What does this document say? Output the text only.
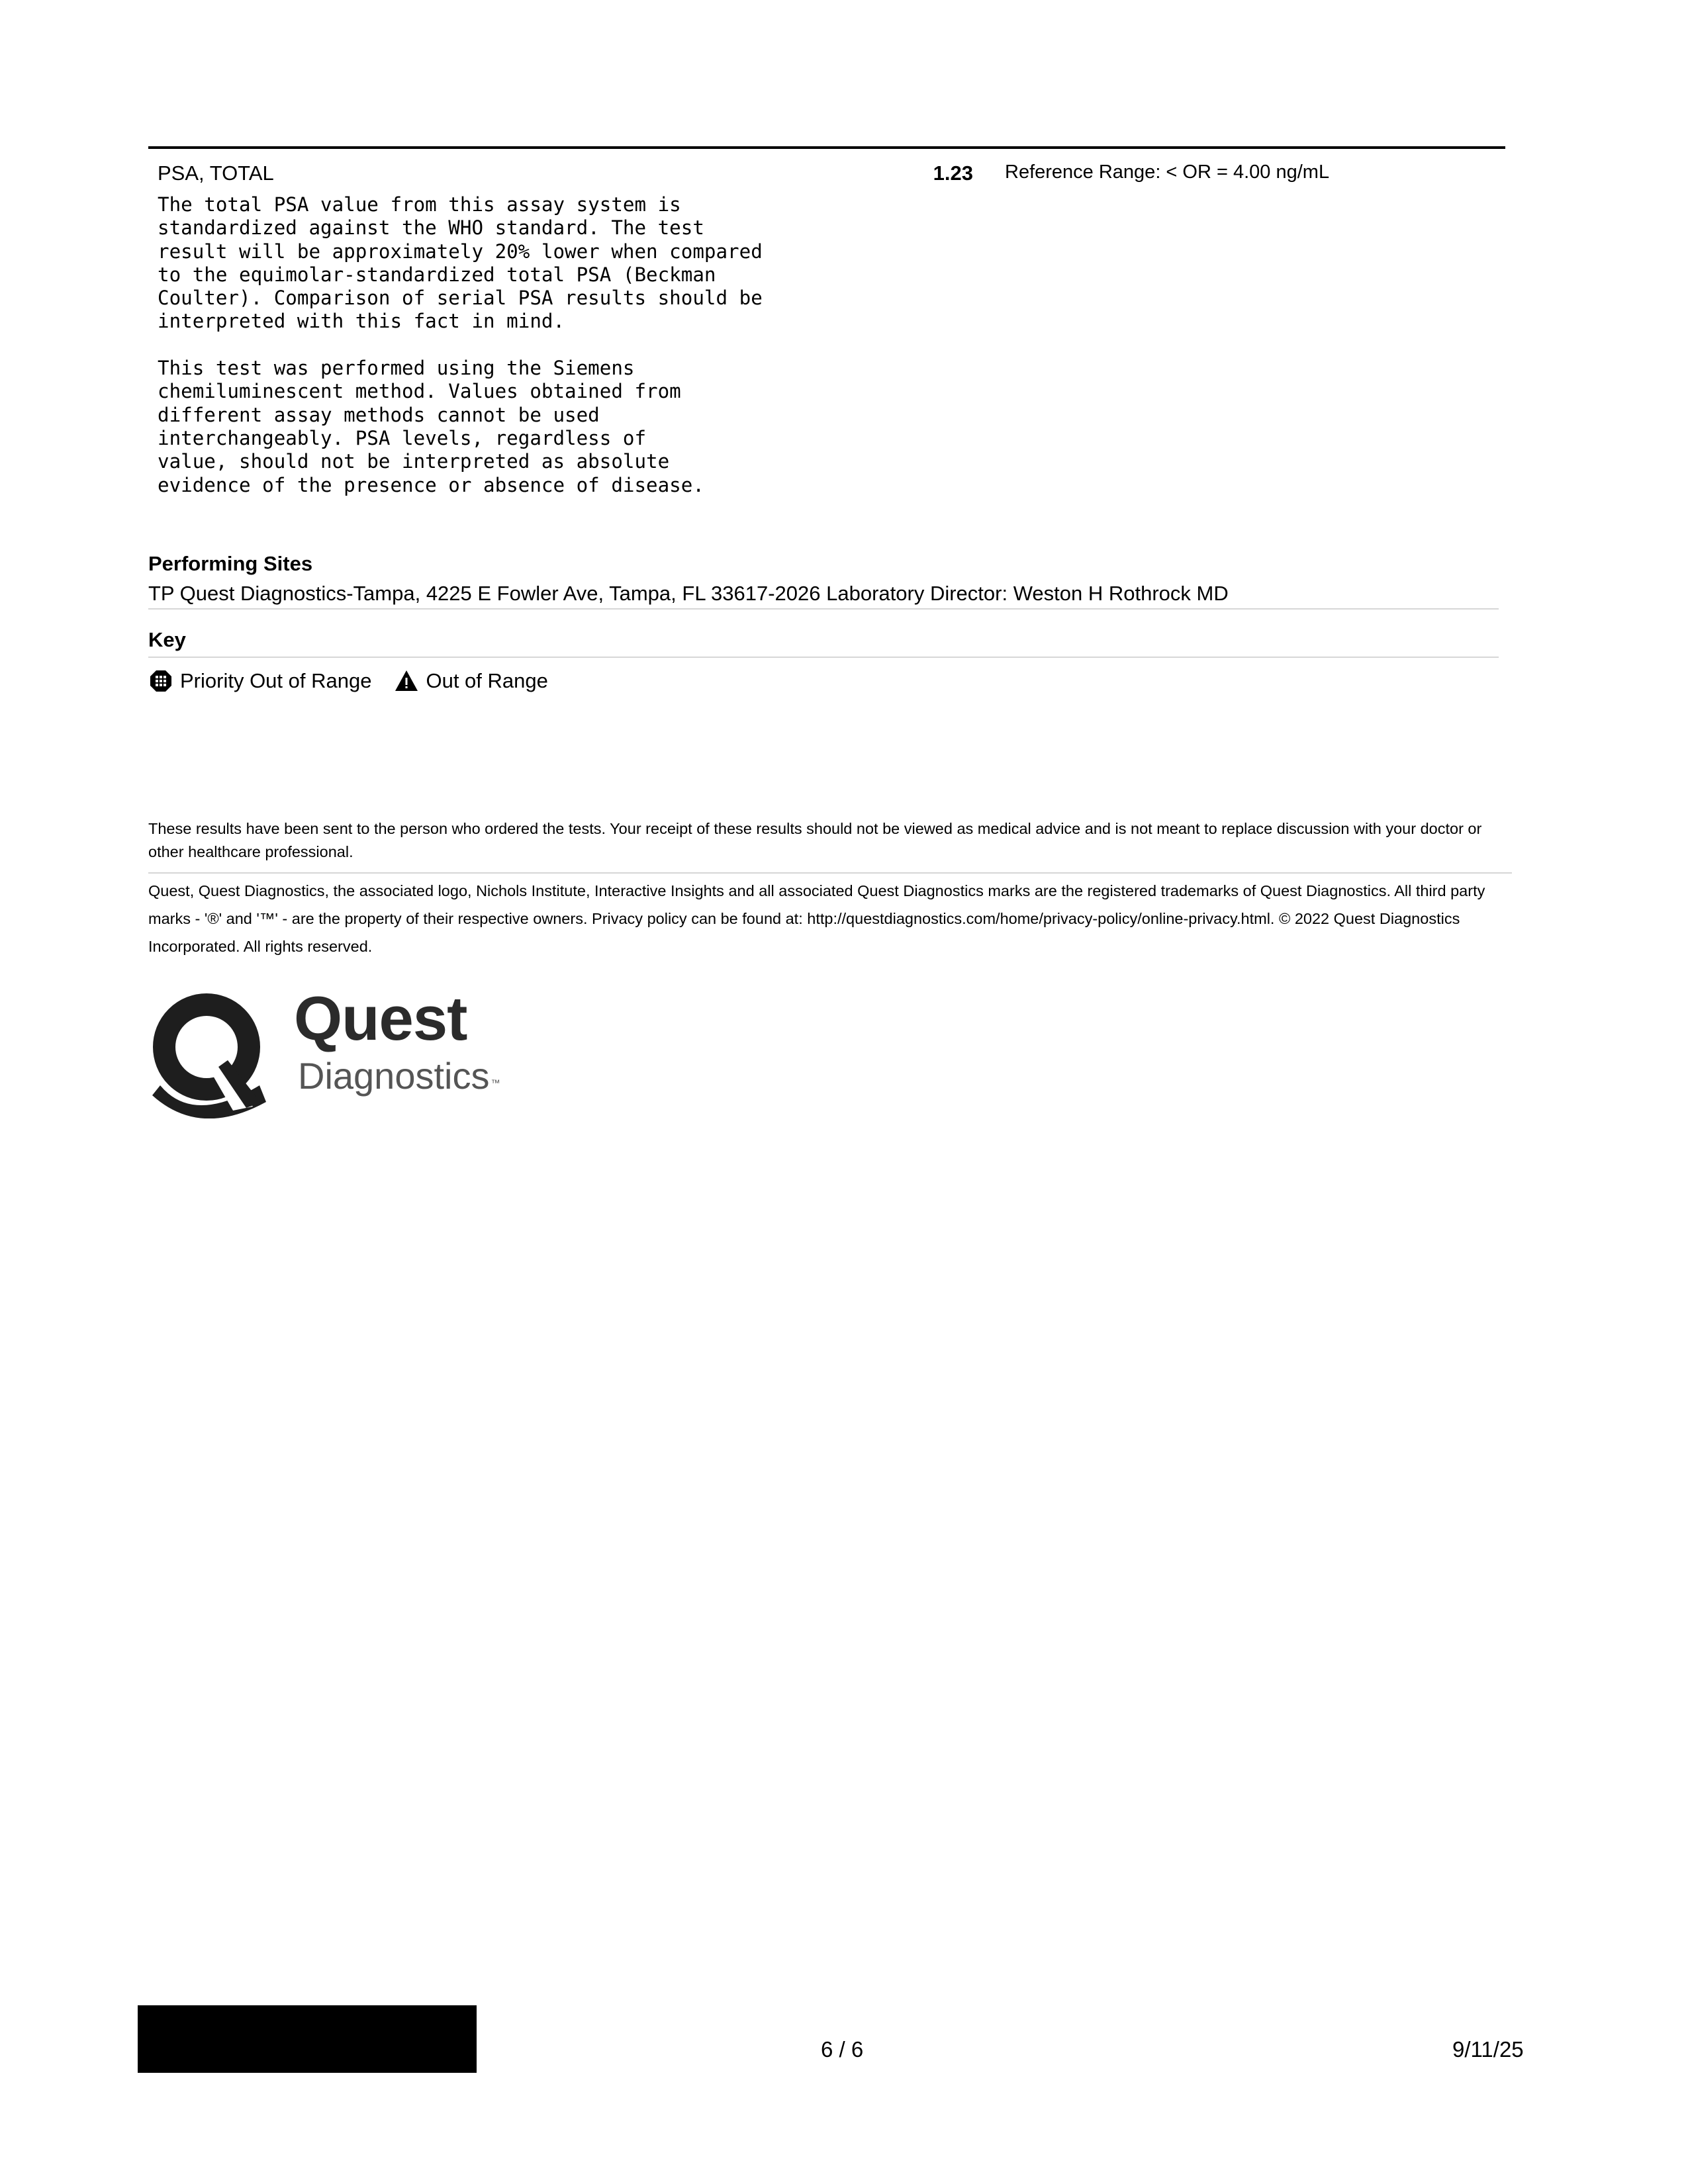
PSA, TOTAL	1.23 Reference Range: < OR = 4.00 ng/mL
The total PSA value from this assay system is
standardized against the WHO standard. The test
result will be approximately 20% lower when compared
to the equimolar-standardized total PSA (Beckman
Coulter). Comparison of serial PSA results should be
interpreted with this fact in mind.

This test was performed using the Siemens
chemiluminescent method. Values obtained from
different assay methods cannot be used
interchangeably. PSA levels, regardless of
value, should not be interpreted as absolute
evidence of the presence or absence of disease.
Performing Sites
TP Quest Diagnostics-Tampa, 4225 E Fowler Ave, Tampa, FL 33617-2026 Laboratory Director: Weston H Rothrock MD
Key
Priority Out of Range	Out of Range
These results have been sent to the person who ordered the tests. Your receipt of these results should not be viewed as medical advice and is not meant to replace discussion with your doctor or other healthcare professional.
Quest, Quest Diagnostics, the associated logo, Nichols Institute, Interactive Insights and all associated Quest Diagnostics marks are the registered trademarks of Quest Diagnostics. All third party marks - '®' and '™' - are the property of their respective owners. Privacy policy can be found at: http://questdiagnostics.com/home/privacy-policy/online-privacy.html. © 2022 Quest Diagnostics Incorporated. All rights reserved.
Quest
Diagnostics ™
6 / 6	9/11/25
